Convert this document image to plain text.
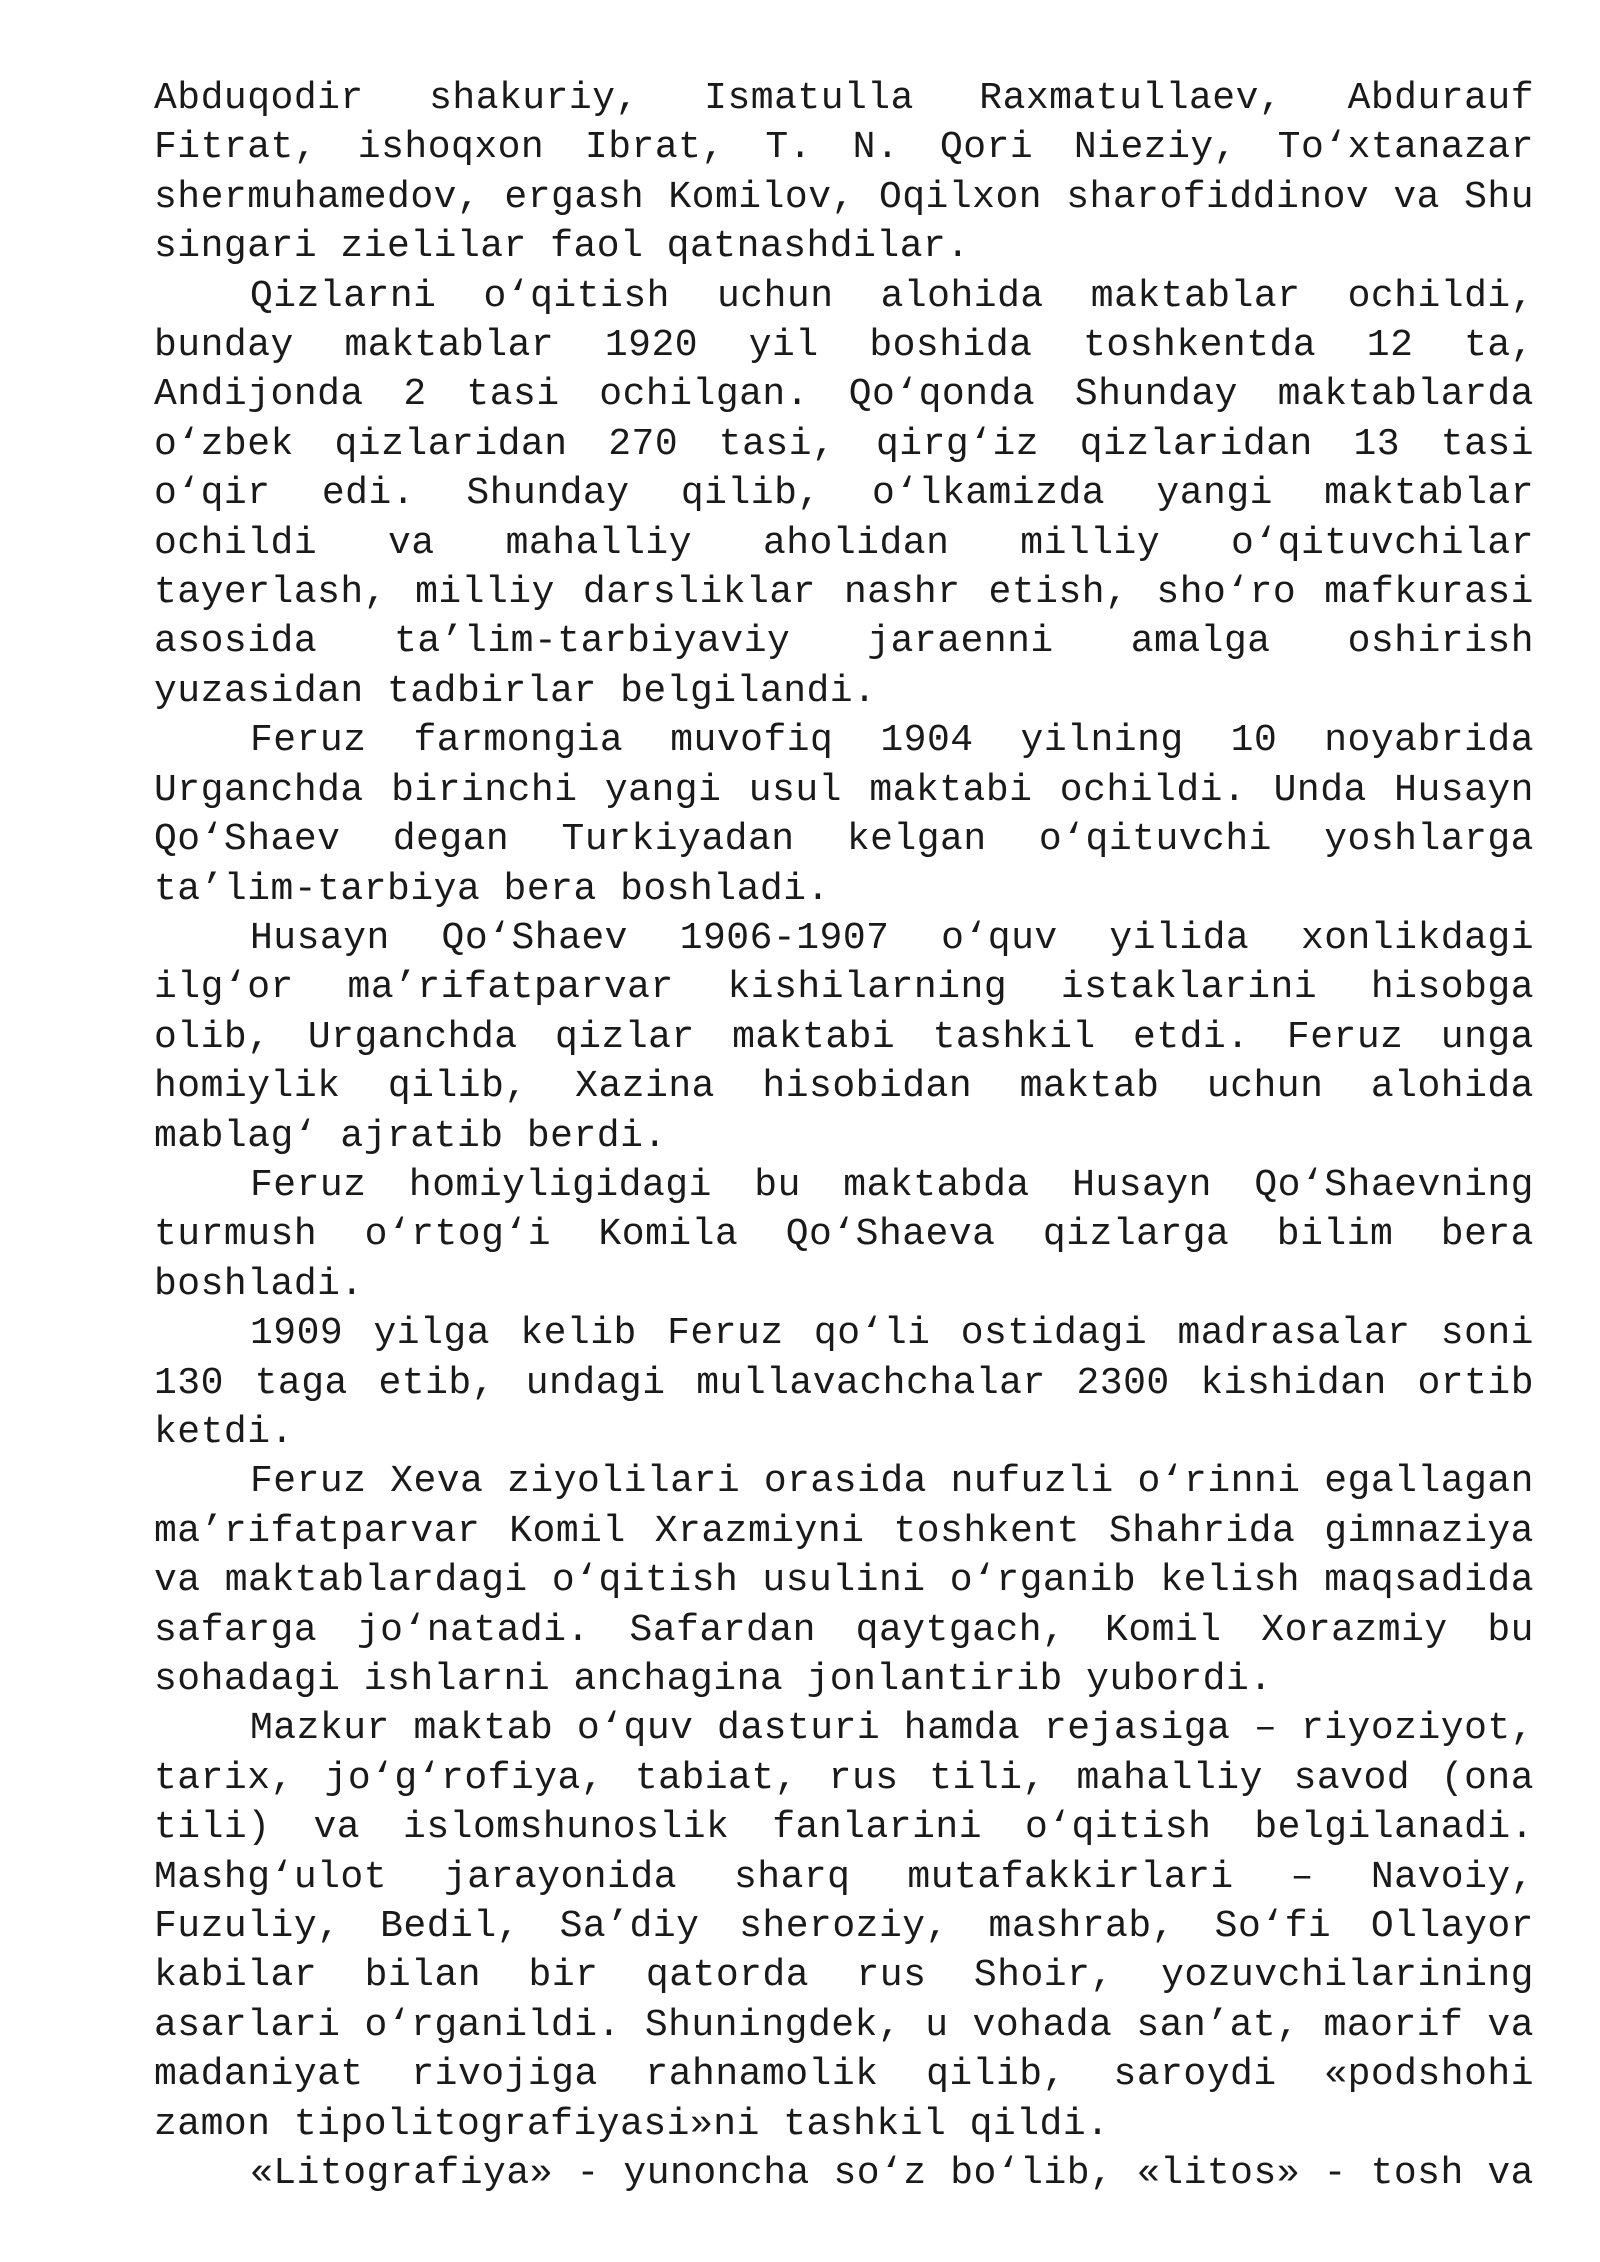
Abduqodir shakuriy, Ismatulla Raxmatullaev, Abdurauf Fitrat, ishoqxon Ibrat, T. N. Qori Nieziy, To‘xtanazar shermuhamedov, ergash Komilov, Oqilxon sharofiddinov va Shu singari zielilar faol qatnashdilar.

Qizlarni o‘qitish uchun alohida maktablar ochildi, bunday maktablar 1920 yil boshida toshkentda 12 ta, Andijonda 2 tasi ochilgan. Qo‘qonda Shunday maktablarda o‘zbek qizlaridan 270 tasi, qirg‘iz qizlaridan 13 tasi o‘qir edi. Shunday qilib, o‘lkamizda yangi maktablar ochildi va mahalliy aholidan milliy o‘qituvchilar tayerlash, milliy darsliklar nashr etish, sho‘ro mafkurasi asosida ta’lim-tarbiyaviy jaraenni amalga oshirish yuzasidan tadbirlar belgilandi.

Feruz farmongia muvofiq 1904 yilning 10 noyabrida Urganchda birinchi yangi usul maktabi ochildi. Unda Husayn Qo‘Shaev degan Turkiyadan kelgan o‘qituvchi yoshlarga ta’lim-tarbiya bera boshladi.

Husayn Qo‘Shaev 1906-1907 o‘quv yilida xonlikdagi ilg‘or ma’rifatparvar kishilarning istaklarini hisobga olib, Urganchda qizlar maktabi tashkil etdi. Feruz unga homiylik qilib, Xazina hisobidan maktab uchun alohida mablag‘ ajratib berdi.

Feruz homiyligidagi bu maktabda Husayn Qo‘Shaevning turmush o‘rtog‘i Komila Qo‘Shaeva qizlarga bilim bera boshladi.

1909 yilga kelib Feruz qo‘li ostidagi madrasalar soni 130 taga etib, undagi mullavachchalar 2300 kishidan ortib ketdi.

Feruz Xeva ziyolilari orasida nufuzli o‘rinni egallagan ma’rifatparvar Komil Xrazmiyni toshkent Shahrida gimnaziya va maktablardagi o‘qitish usulini o‘rganib kelish maqsadida safarga jo‘natadi. Safardan qaytgach, Komil Xorazmiy bu sohadagi ishlarni anchagina jonlantirib yubordi.

Mazkur maktab o‘quv dasturi hamda rejasiga – riyoziyot, tarix, jo‘g‘rofiya, tabiat, rus tili, mahalliy savod (ona tili) va islomshunoslik fanlarini o‘qitish belgilanadi. Mashg‘ulot jarayonida sharq mutafakkirlari – Navoiy, Fuzuliy, Bedil, Sa’diy sheroziy, mashrab, So‘fi Ollayor kabilar bilan bir qatorda rus Shoir, yozuvchilarining asarlari o‘rganildi. Shuningdek, u vohada san’at, maorif va madaniyat rivojiga rahnamolik qilib, saroydi «podshohi zamon tipolitografiyasi»ni tashkil qildi.

«Litografiya» - yunoncha so‘z bo‘lib, «litos» - tosh va
